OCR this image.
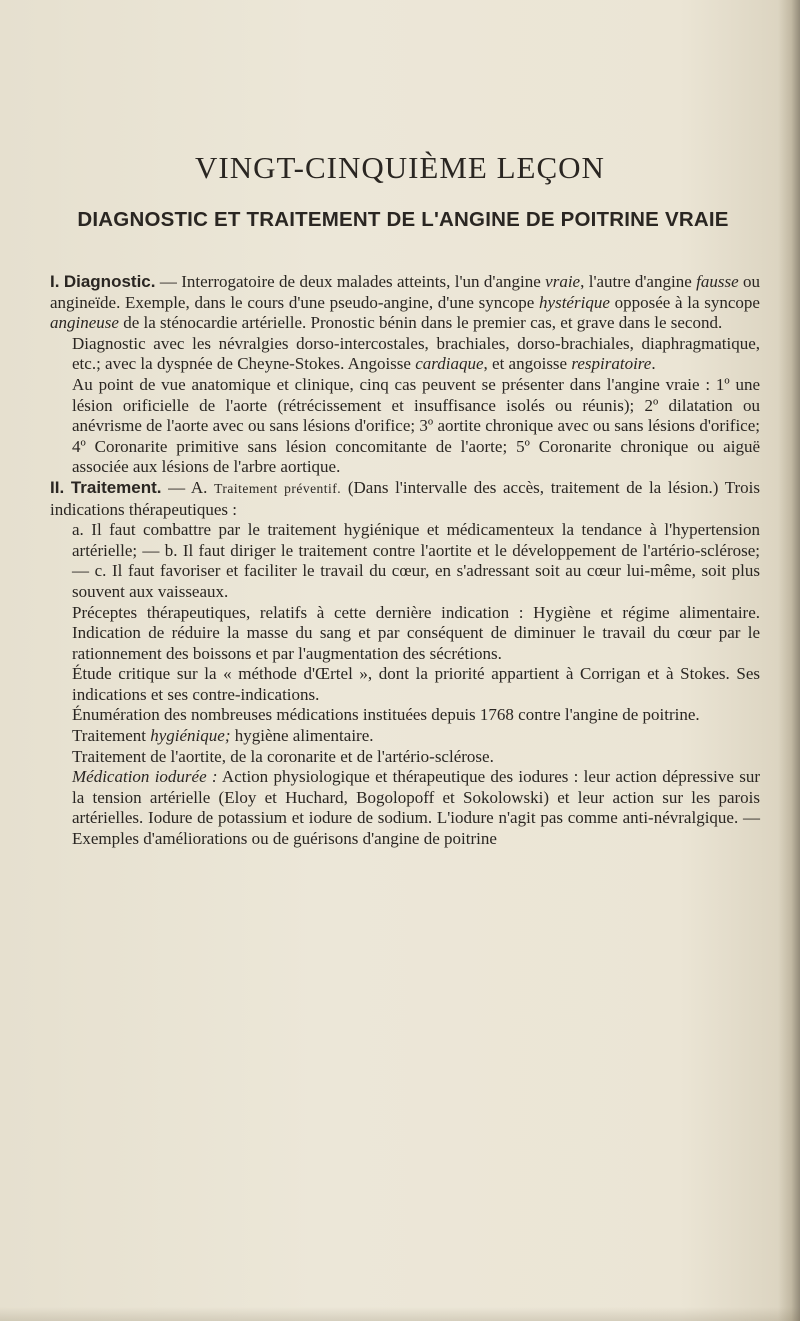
VINGT-CINQUIÈME LEÇON
DIAGNOSTIC ET TRAITEMENT DE L'ANGINE DE POITRINE VRAIE

I. Diagnostic. — Interrogatoire de deux malades atteints, l'un d'angine vraie, l'autre d'angine fausse ou angineïde. Exemple, dans le cours d'une pseudo-angine, d'une syncope hystérique opposée à la syncope angineuse de la sténocardie artérielle. Pronostic bénin dans le premier cas, et grave dans le second.

Diagnostic avec les névralgies dorso-intercostales, brachiales, dorso-brachiales, diaphragmatique, etc.; avec la dyspnée de Cheyne-Stokes. Angoisse cardiaque, et angoisse respiratoire.

Au point de vue anatomique et clinique, cinq cas peuvent se présenter dans l'angine vraie : 1º une lésion orificielle de l'aorte (rétrécissement et insuffisance isolés ou réunis); 2º dilatation ou anévrisme de l'aorte avec ou sans lésions d'orifice; 3º aortite chronique avec ou sans lésions d'orifice; 4º Coronarite primitive sans lésion concomitante de l'aorte; 5º Coronarite chronique ou aiguë associée aux lésions de l'arbre aortique.

II. Traitement. — A. Traitement préventif. (Dans l'intervalle des accès, traitement de la lésion.) Trois indications thérapeutiques :

a. Il faut combattre par le traitement hygiénique et médicamenteux la tendance à l'hypertension artérielle; — b. Il faut diriger le traitement contre l'aortite et le développement de l'artério-sclérose; — c. Il faut favoriser et faciliter le travail du cœur, en s'adressant soit au cœur lui-même, soit plus souvent aux vaisseaux.

Préceptes thérapeutiques, relatifs à cette dernière indication : Hygiène et régime alimentaire. Indication de réduire la masse du sang et par conséquent de diminuer le travail du cœur par le rationnement des boissons et par l'augmentation des sécrétions.

Étude critique sur la « méthode d'Œrtel », dont la priorité appartient à Corrigan et à Stokes. Ses indications et ses contre-indications.

Énumération des nombreuses médications instituées depuis 1768 contre l'angine de poitrine.

Traitement hygiénique; hygiène alimentaire.

Traitement de l'aortite, de la coronarite et de l'artério-sclérose.

Médication iodurée : Action physiologique et thérapeutique des iodures : leur action dépressive sur la tension artérielle (Eloy et Huchard, Bogolopoff et Sokolowski) et leur action sur les parois artérielles. Iodure de potassium et iodure de sodium. L'iodure n'agit pas comme anti-névralgique. — Exemples d'améliorations ou de guérisons d'angine de poitrine
